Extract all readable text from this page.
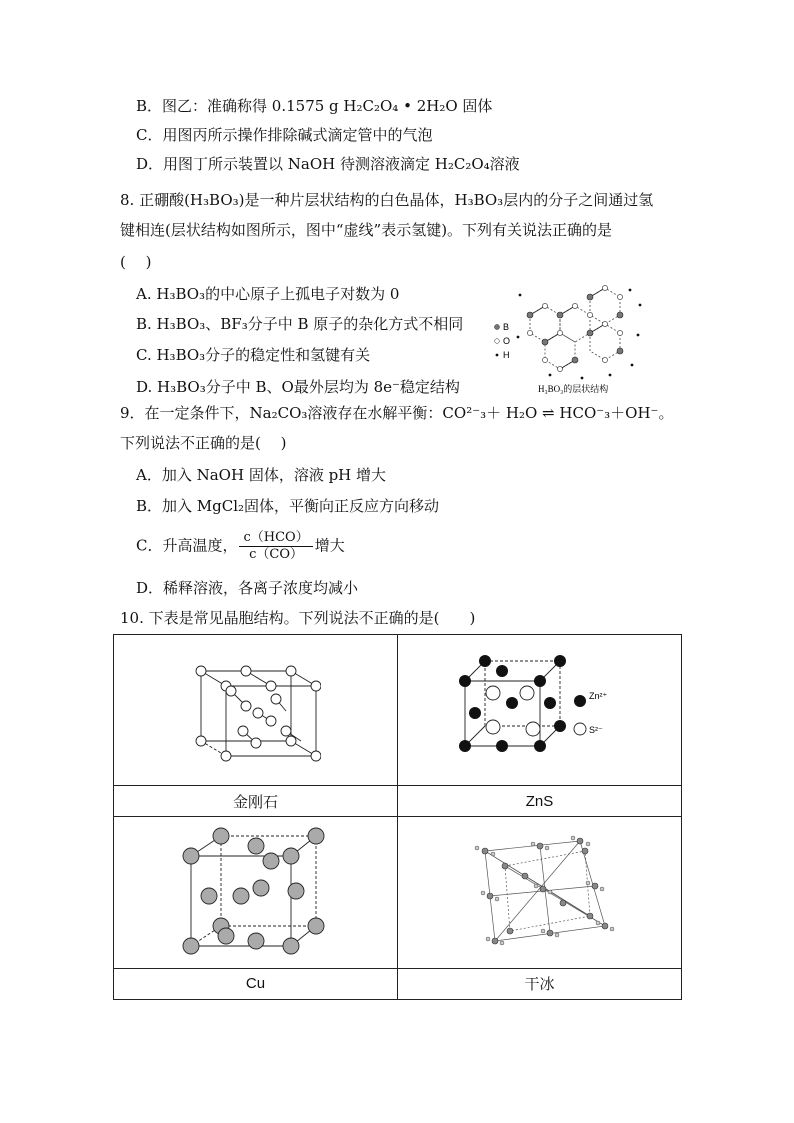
B．图乙：准确称得 0.1575 g H₂C₂O₄ • 2H₂O 固体
C．用图丙所示操作排除碱式滴定管中的气泡
D．用图丁所示装置以 NaOH 待测溶液滴定 H₂C₂O₄溶液
8. 正硼酸(H₃BO₃)是一种片层状结构的白色晶体，H₃BO₃层内的分子之间通过氢
键相连(层状结构如图所示，图中“虚线”表示氢键)。下列有关说法正确的是
(　 )
A. H₃BO₃的中心原子上孤电子对数为 0
B. H₃BO₃、BF₃分子中 B 原子的杂化方式不相同
C. H₃BO₃分子的稳定性和氢键有关
D. H₃BO₃分子中 B、O最外层均为 8e⁻稳定结构
B
O
H
H₃BO₃的层状结构
9．在一定条件下，Na₂CO₃溶液存在水解平衡：CO²⁻₃＋ H₂O ⇌ HCO⁻₃＋OH⁻。
下列说法不正确的是(　 )
A．加入 NaOH 固体，溶液 pH 增大
B．加入 MgCl₂固体，平衡向正反应方向移动
C．升高温度， $\frac{\text{c（HCO）}}{c(CO)}$ 增大
D．稀释溶液，各离子浓度均减小
10. 下表是常见晶胞结构。下列说法不正确的是(　　)

Zn²⁺
S²⁻

金刚石	ZnS

Cu	干冰
